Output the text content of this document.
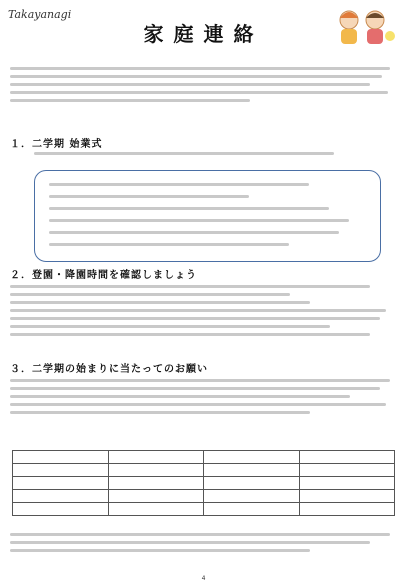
Takayanagi
家庭連絡
１．二学期 始業式
２．登園・降園時間を確認しましょう
３．二学期の始まりに当たってのお願い

4
